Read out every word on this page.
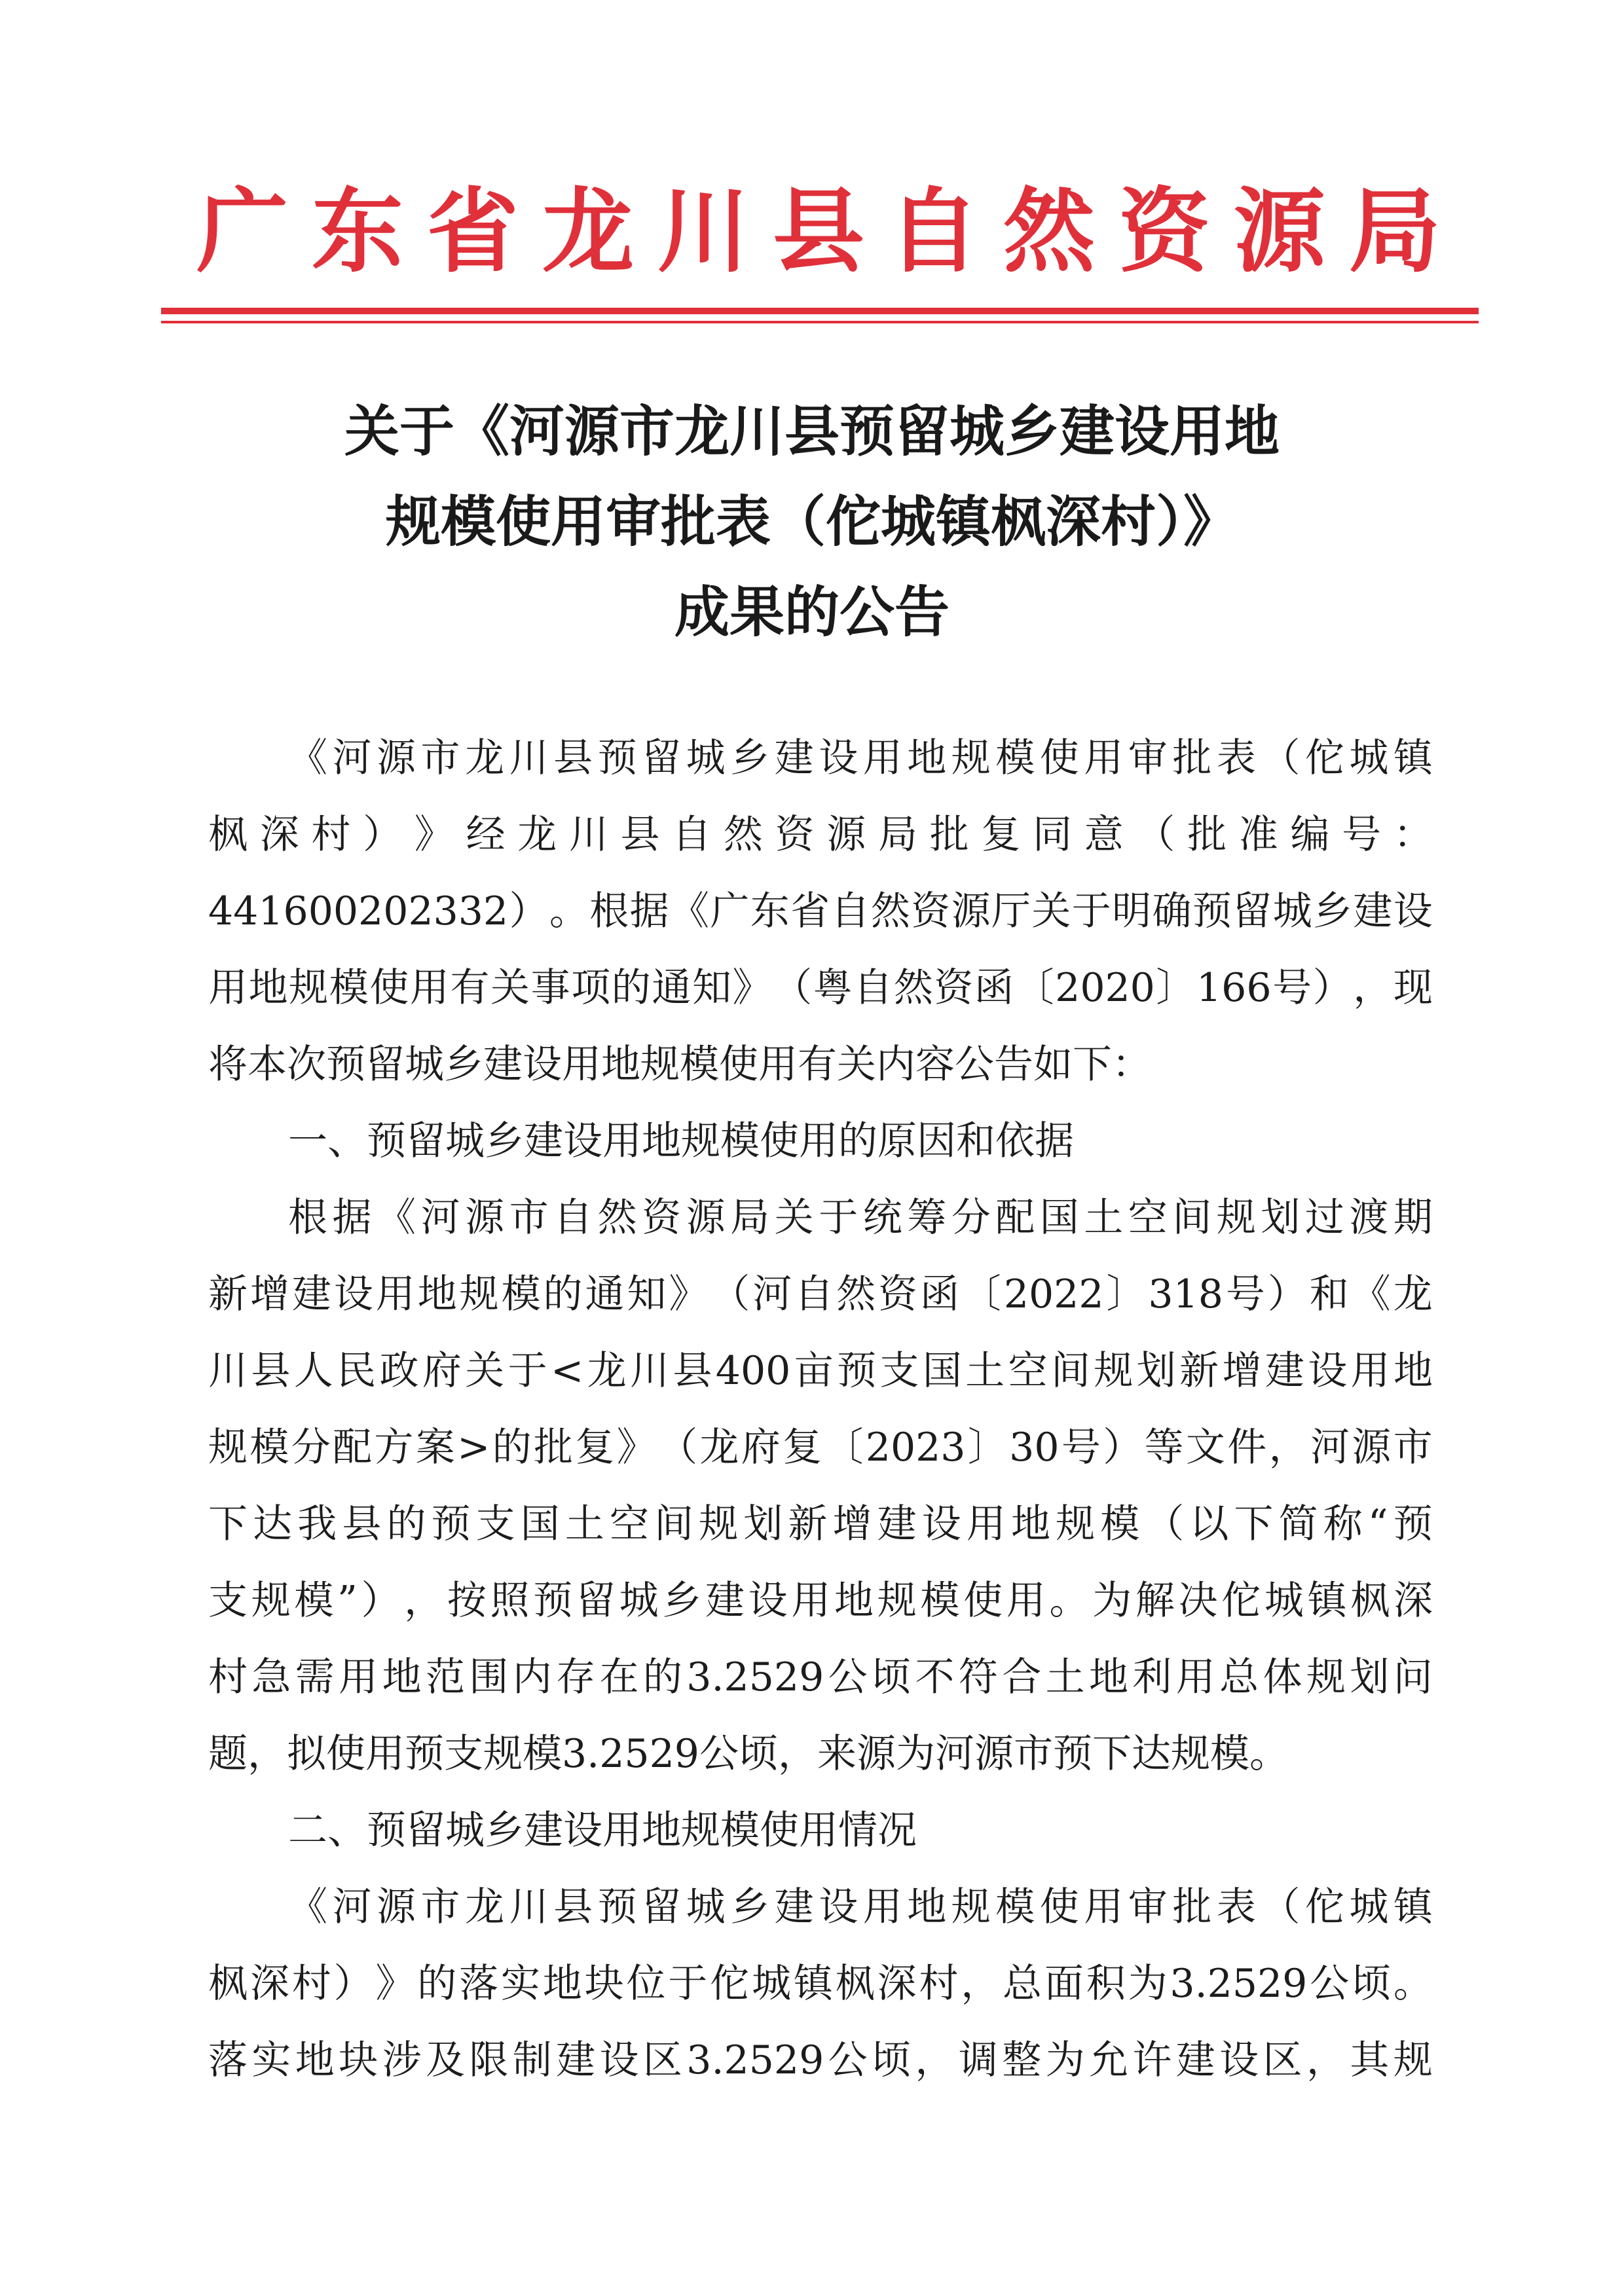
广 东 省 龙 川 县 自 然 资 源 局
关于《河源市龙川县预留城乡建设用地
规模使用审批表（佗城镇枫深村）》
成果的公告
《 河 源 市 龙 川 县 预 留 城 乡 建 设 用 地 规 模 使 用 审 批 表 （ 佗 城 镇
枫 深 村 ） 》 经 龙 川 县 自 然 资 源 局 批 复 同 意 （ 批 准 编 号 ：
441600202332 ） 。 根 据 《 广 东 省 自 然 资 源 厅 关 于 明 确 预 留 城 乡 建 设
用 地 规 模 使 用 有 关 事 项 的 通 知 》 （ 粤 自 然 资 函 〔 2020 〕 166 号 ） ， 现
将本次预留城乡建设用地规模使用有关内容公告如下：
一、预留城乡建设用地规模使用的原因和依据
根 据 《 河 源 市 自 然 资 源 局 关 于 统 筹 分 配 国 土 空 间 规 划 过 渡 期
新 增 建 设 用 地 规 模 的 通 知 》 （ 河 自 然 资 函 〔 2022 〕 318 号 ） 和 《 龙
川 县 人 民 政 府 关 于 < 龙 川 县 400 亩 预 支 国 土 空 间 规 划 新 增 建 设 用 地
规 模 分 配 方 案 > 的 批 复 》 （ 龙 府 复 〔 2023 〕 30 号 ） 等 文 件 ， 河 源 市
下 达 我 县 的 预 支 国 土 空 间 规 划 新 增 建 设 用 地 规 模 （ 以 下 简 称 “ 预
支 规 模 ” ） ， 按 照 预 留 城 乡 建 设 用 地 规 模 使 用 。 为 解 决 佗 城 镇 枫 深
村 急 需 用 地 范 围 内 存 在 的 3.2529 公 顷 不 符 合 土 地 利 用 总 体 规 划 问
题，拟使用预支规模3.2529公顷，来源为河源市预下达规模。
二、预留城乡建设用地规模使用情况
《 河 源 市 龙 川 县 预 留 城 乡 建 设 用 地 规 模 使 用 审 批 表 （ 佗 城 镇
枫 深 村 ） 》 的 落 实 地 块 位 于 佗 城 镇 枫 深 村 ， 总 面 积 为 3.2529 公 顷 。
落 实 地 块 涉 及 限 制 建 设 区 3.2529 公 顷 ， 调 整 为 允 许 建 设 区 ， 其 规
